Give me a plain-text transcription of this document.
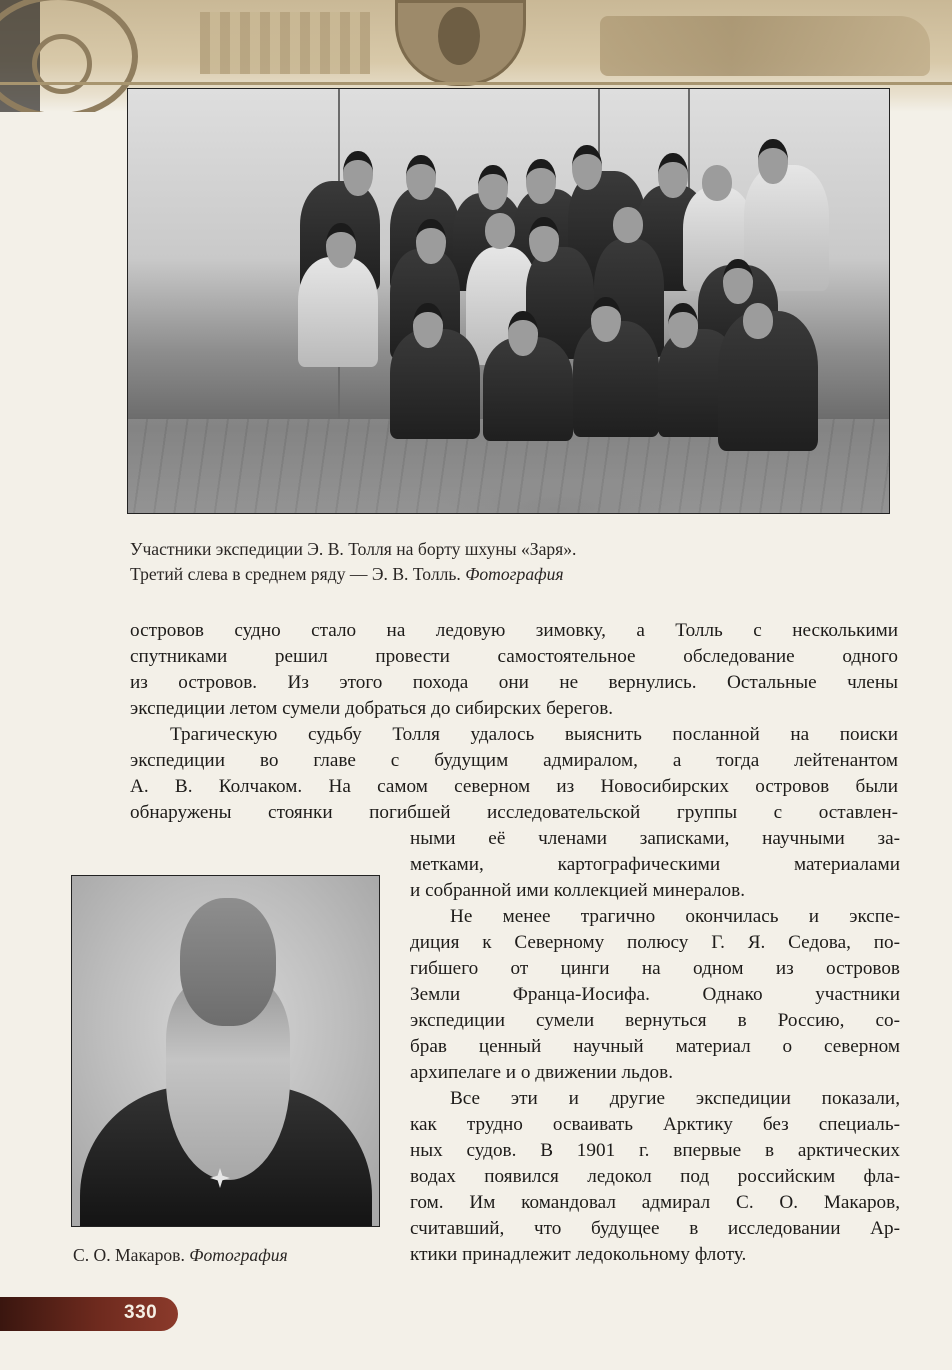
Участники экспедиции Э. В. Толля на борту шхуны «Заря».
Третий слева в среднем ряду — Э. В. Толль. Фотография

островов судно стало на ледовую зимовку, а Толль с несколькими
спутниками решил провести самостоятельное обследование одного
из островов. Из этого похода они не вернулись. Остальные члены
экспедиции летом сумели добраться до сибирских берегов.

Трагическую судьбу Толля удалось выяснить посланной на поиски
экспедиции во главе с будущим адмиралом, а тогда лейтенантом
А. В. Колчаком. На самом северном из Новосибирских островов были
обнаружены стоянки погибшей исследовательской группы с оставлен-

ными её членами записками, научными за-
метками, картографическими материалами
и собранной ими коллекцией минералов.

С. О. Макаров. Фотография

Не менее трагично окончилась и экспе-
диция к Северному полюсу Г. Я. Седова, по-
гибшего от цинги на одном из островов
Земли Франца-Иосифа. Однако участники
экспедиции сумели вернуться в Россию, со-
брав ценный научный материал о северном
архипелаге и о движении льдов.

Все эти и другие экспедиции показали,
как трудно осваивать Арктику без специаль-
ных судов. В 1901 г. впервые в арктических
водах появился ледокол под российским фла-
гом. Им командовал адмирал С. О. Макаров,
считавший, что будущее в исследовании Ар-
ктики принадлежит ледокольному флоту.

330
